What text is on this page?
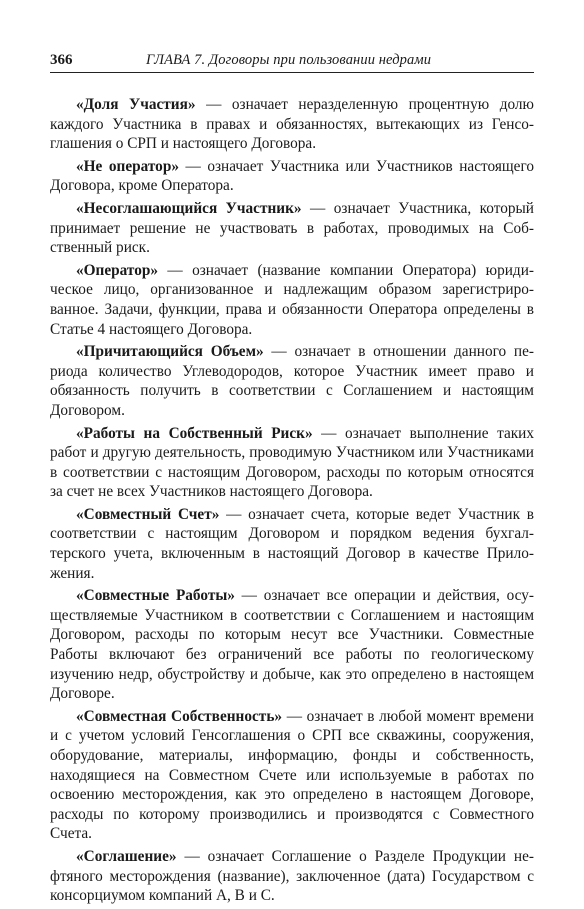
366	ГЛАВА 7. Договоры при пользовании недрами

«Доля Участия» — означает неразделенную процентную долю каждого Участника в правах и обязанностях, вытекающих из Генсоглашения о СРП и настоящего Договора.

«Не оператор» — означает Участника или Участников настоящего Договора, кроме Оператора.

«Несоглашающийся Участник» — означает Участника, который принимает решение не участвовать в работах, проводимых на Собственный риск.

«Оператор» — означает (название компании Оператора) юридическое лицо, организованное и надлежащим образом зарегистрированное. Задачи, функции, права и обязанности Оператора определены в Статье 4 настоящего Договора.

«Причитающийся Объем» — означает в отношении данного периода количество Углеводородов, которое Участник имеет право и обязанность получить в соответствии с Соглашением и настоящим Договором.

«Работы на Собственный Риск» — означает выполнение таких работ и другую деятельность, проводимую Участником или Участниками в соответствии с настоящим Договором, расходы по которым относятся за счет не всех Участников настоящего Договора.

«Совместный Счет» — означает счета, которые ведет Участник в соответствии с настоящим Договором и порядком ведения бухгалтерского учета, включенным в настоящий Договор в качестве Приложения.

«Совместные Работы» — означает все операции и действия, осуществляемые Участником в соответствии с Соглашением и настоящим Договором, расходы по которым несут все Участники. Совместные Работы включают без ограничений все работы по геологическому изучению недр, обустройству и добыче, как это определено в настоящем Договоре.

«Совместная Собственность» — означает в любой момент времени и с учетом условий Генсоглашения о СРП все скважины, сооружения, оборудование, материалы, информацию, фонды и собственность, находящиеся на Совместном Счете или используемые в работах по освоению месторождения, как это определено в настоящем Договоре, расходы по которому производились и производятся с Совместного Счета.

«Соглашение» — означает Соглашение о Разделе Продукции нефтяного месторождения (название), заключенное (дата) Государством с консорциумом компаний А, В и С.
